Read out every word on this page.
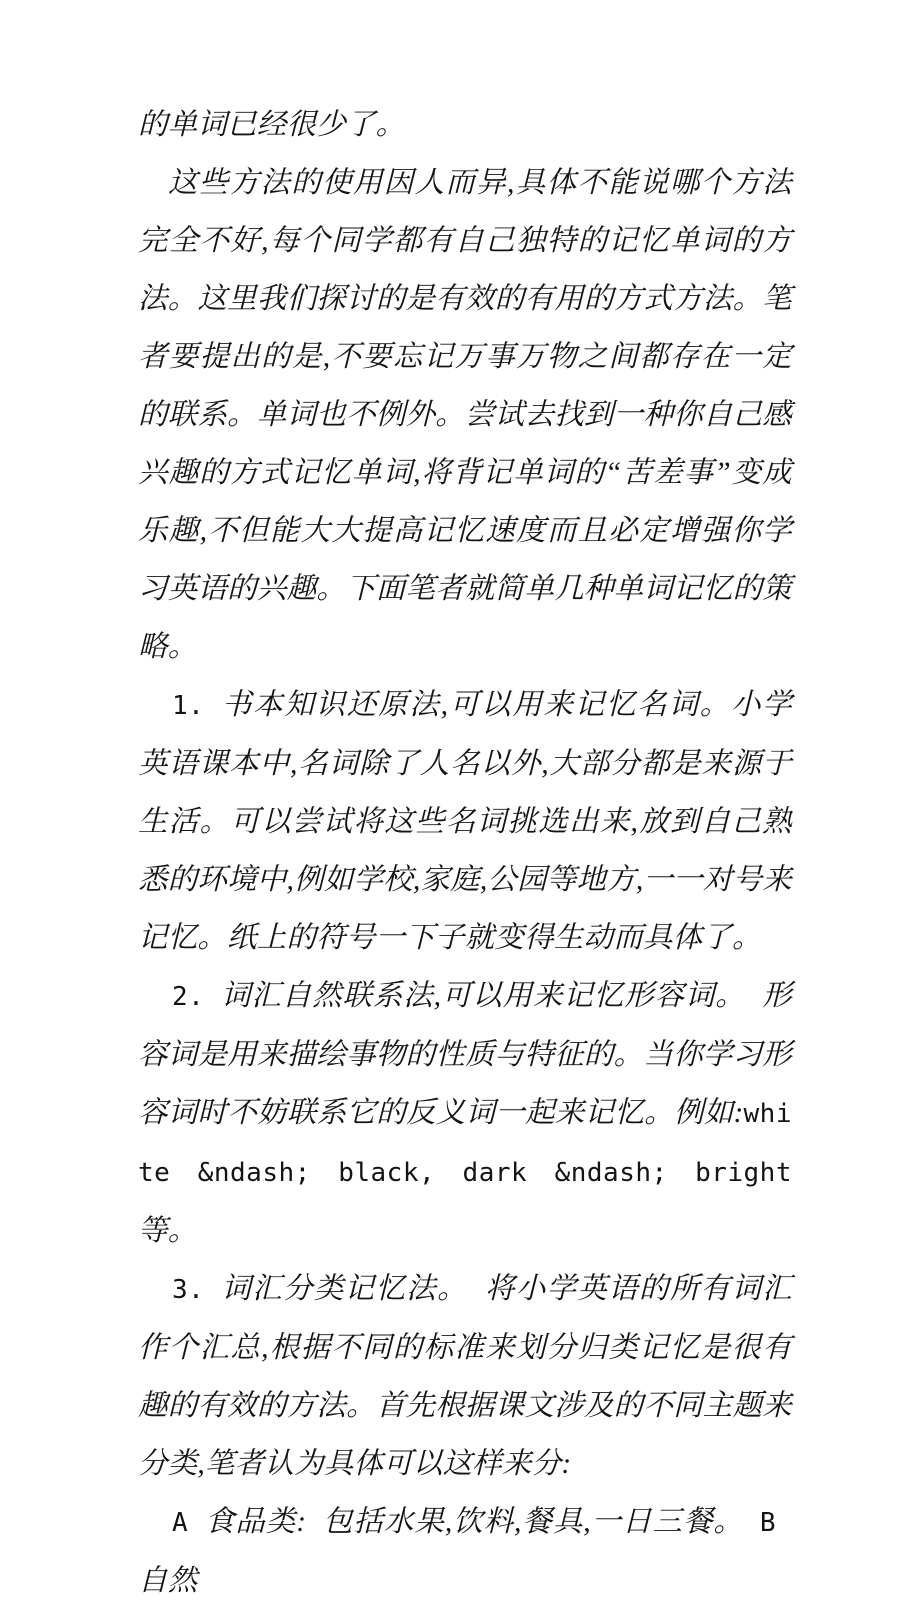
的单词已经很少了。

这些方法的使用因人而异,具体不能说哪个方法完全不好,每个同学都有自己独特的记忆单词的方法。这里我们探讨的是有效的有用的方式方法。笔者要提出的是,不要忘记万事万物之间都存在一定的联系。单词也不例外。尝试去找到一种你自己感兴趣的方式记忆单词,将背记单词的“苦差事”变成乐趣,不但能大大提高记忆速度而且必定增强你学习英语的兴趣。下面笔者就简单几种单词记忆的策略。

1. 书本知识还原法,可以用来记忆名词。小学英语课本中,名词除了人名以外,大部分都是来源于生活。可以尝试将这些名词挑选出来,放到自己熟悉的环境中,例如学校,家庭,公园等地方,一一对号来记忆。纸上的符号一下子就变得生动而具体了。

2. 词汇自然联系法,可以用来记忆形容词。 形容词是用来描绘事物的性质与特征的。当你学习形容词时不妨联系它的反义词一起来记忆。例如:white &ndash; black, dark &ndash; bright等。

3. 词汇分类记忆法。 将小学英语的所有词汇作个汇总,根据不同的标准来划分归类记忆是很有趣的有效的方法。首先根据课文涉及的不同主题来分类,笔者认为具体可以这样来分:

A 食品类: 包括水果,饮料,餐具,一日三餐。 B自然
